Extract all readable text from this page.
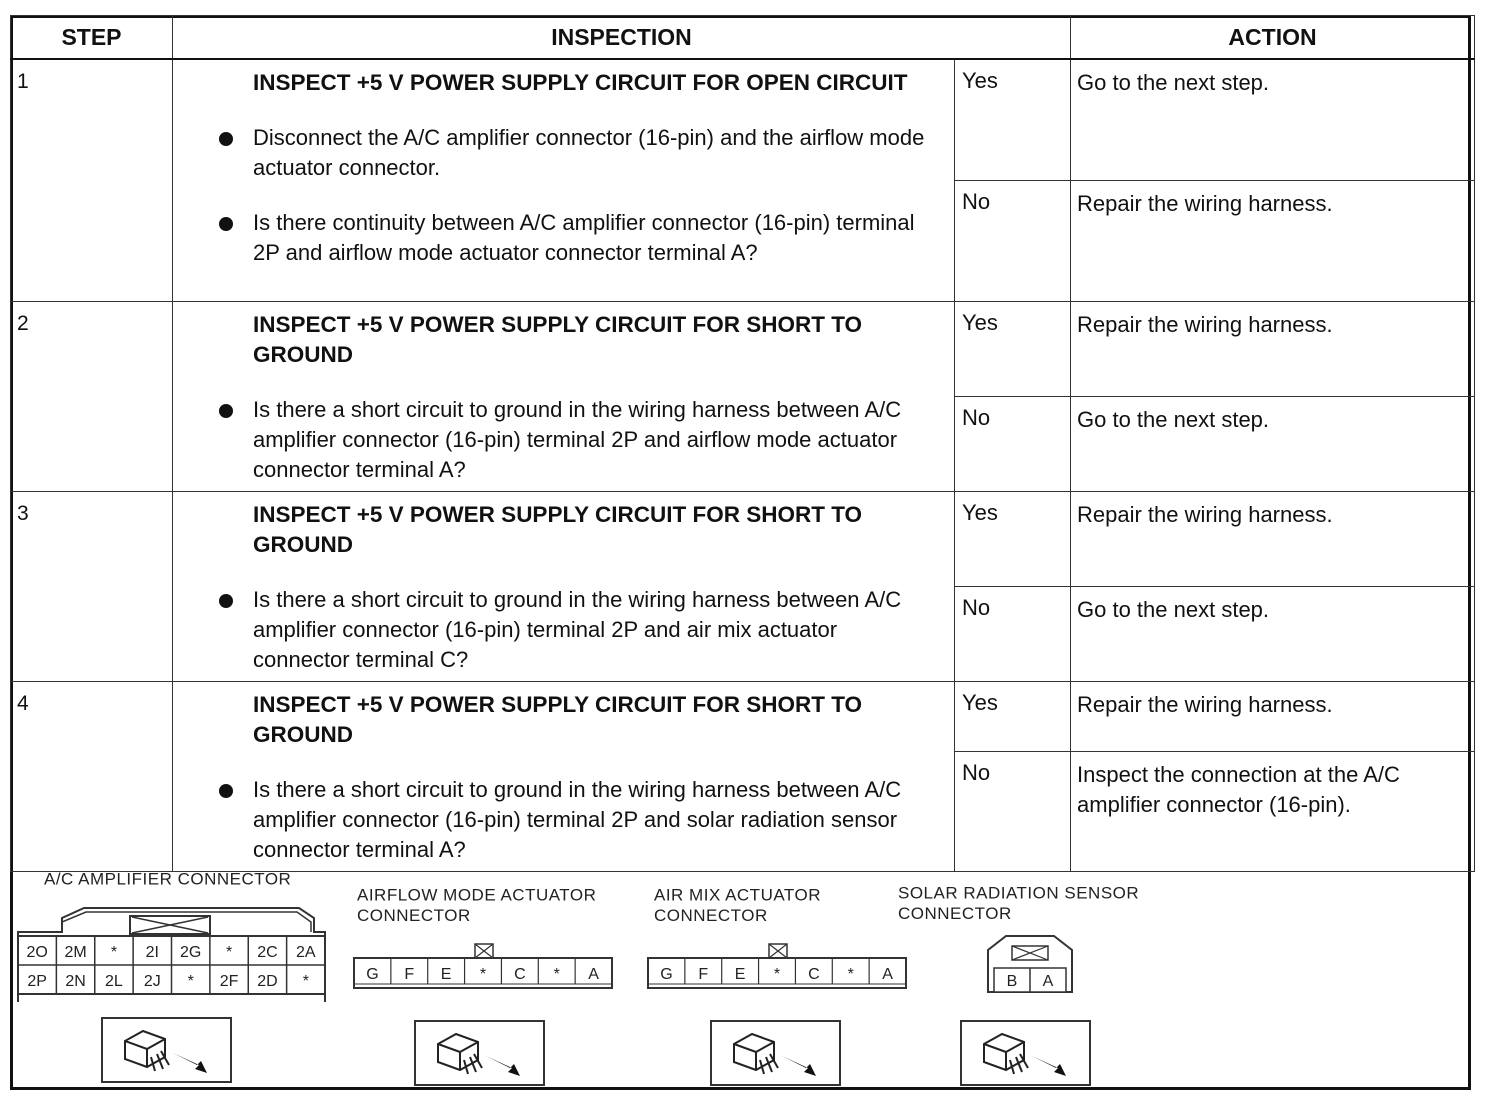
STEP	INSPECTION		ACTION
1	INSPECT +5 V POWER SUPPLY CIRCUIT FOR OPEN CIRCUIT
Disconnect the A/C amplifier connector (16-pin) and the airflow mode actuator connector.
Is there continuity between A/C amplifier connector (16-pin) terminal 2P and airflow mode actuator connector terminal A?	Yes	Go to the next step.
		No	Repair the wiring harness.
2	INSPECT +5 V POWER SUPPLY CIRCUIT FOR SHORT TO GROUND
Is there a short circuit to ground in the wiring harness between A/C amplifier connector (16-pin) terminal 2P and airflow mode actuator connector terminal A?	Yes	Repair the wiring harness.
		No	Go to the next step.
3	INSPECT +5 V POWER SUPPLY CIRCUIT FOR SHORT TO GROUND
Is there a short circuit to ground in the wiring harness between A/C amplifier connector (16-pin) terminal 2P and air mix actuator connector terminal C?	Yes	Repair the wiring harness.
		No	Go to the next step.
4	INSPECT +5 V POWER SUPPLY CIRCUIT FOR SHORT TO GROUND
Is there a short circuit to ground in the wiring harness between A/C amplifier connector (16-pin) terminal 2P and solar radiation sensor connector terminal A?	Yes	Repair the wiring harness.
		No	Inspect the connection at the A/C amplifier connector (16-pin).
A/C AMPLIFIER CONNECTOR
2O 2M * 2I 2G * 2C 2A
2P 2N 2L 2J * 2F 2D *
AIRFLOW MODE ACTUATOR
CONNECTOR
G F E * C * A
AIR MIX ACTUATOR
CONNECTOR
G F E * C * A
SOLAR RADIATION SENSOR
CONNECTOR
B A
